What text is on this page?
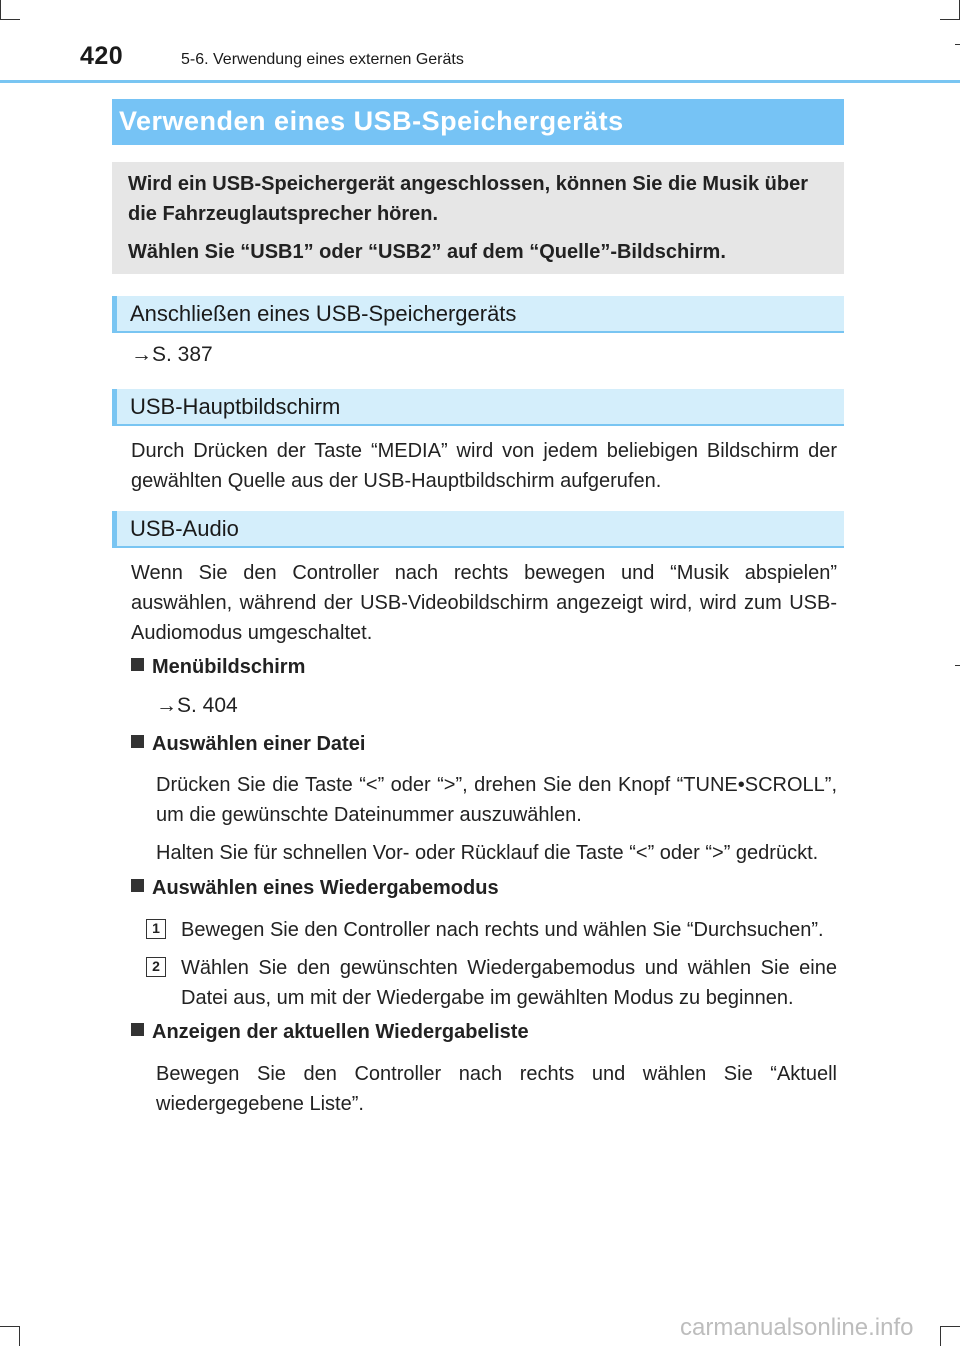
420	5-6. Verwendung eines externen Geräts
Verwenden eines USB-Speichergeräts
Wird ein USB-Speichergerät angeschlossen, können Sie die Musik über die Fahrzeuglautsprecher hören.
Wählen Sie “USB1” oder “USB2” auf dem “Quelle”-Bildschirm.
Anschließen eines USB-Speichergeräts
→S. 387
USB-Hauptbildschirm
Durch Drücken der Taste “MEDIA” wird von jedem beliebigen Bildschirm der gewählten Quelle aus der USB-Hauptbildschirm aufgerufen.
USB-Audio
Wenn Sie den Controller nach rechts bewegen und “Musik abspielen” auswählen, während der USB-Videobildschirm angezeigt wird, wird zum USB-Audiomodus umgeschaltet.
Menübildschirm
→S. 404
Auswählen einer Datei
Drücken Sie die Taste “<” oder “>”, drehen Sie den Knopf “TUNE•SCROLL”, um die gewünschte Dateinummer auszuwählen.
Halten Sie für schnellen Vor- oder Rücklauf die Taste “<” oder “>” gedrückt.
Auswählen eines Wiedergabemodus
1	Bewegen Sie den Controller nach rechts und wählen Sie “Durchsuchen”.
2	Wählen Sie den gewünschten Wiedergabemodus und wählen Sie eine Datei aus, um mit der Wiedergabe im gewählten Modus zu beginnen.
Anzeigen der aktuellen Wiedergabeliste
Bewegen Sie den Controller nach rechts und wählen Sie “Aktuell wiedergegebene Liste”.
carmanualsonline.info
